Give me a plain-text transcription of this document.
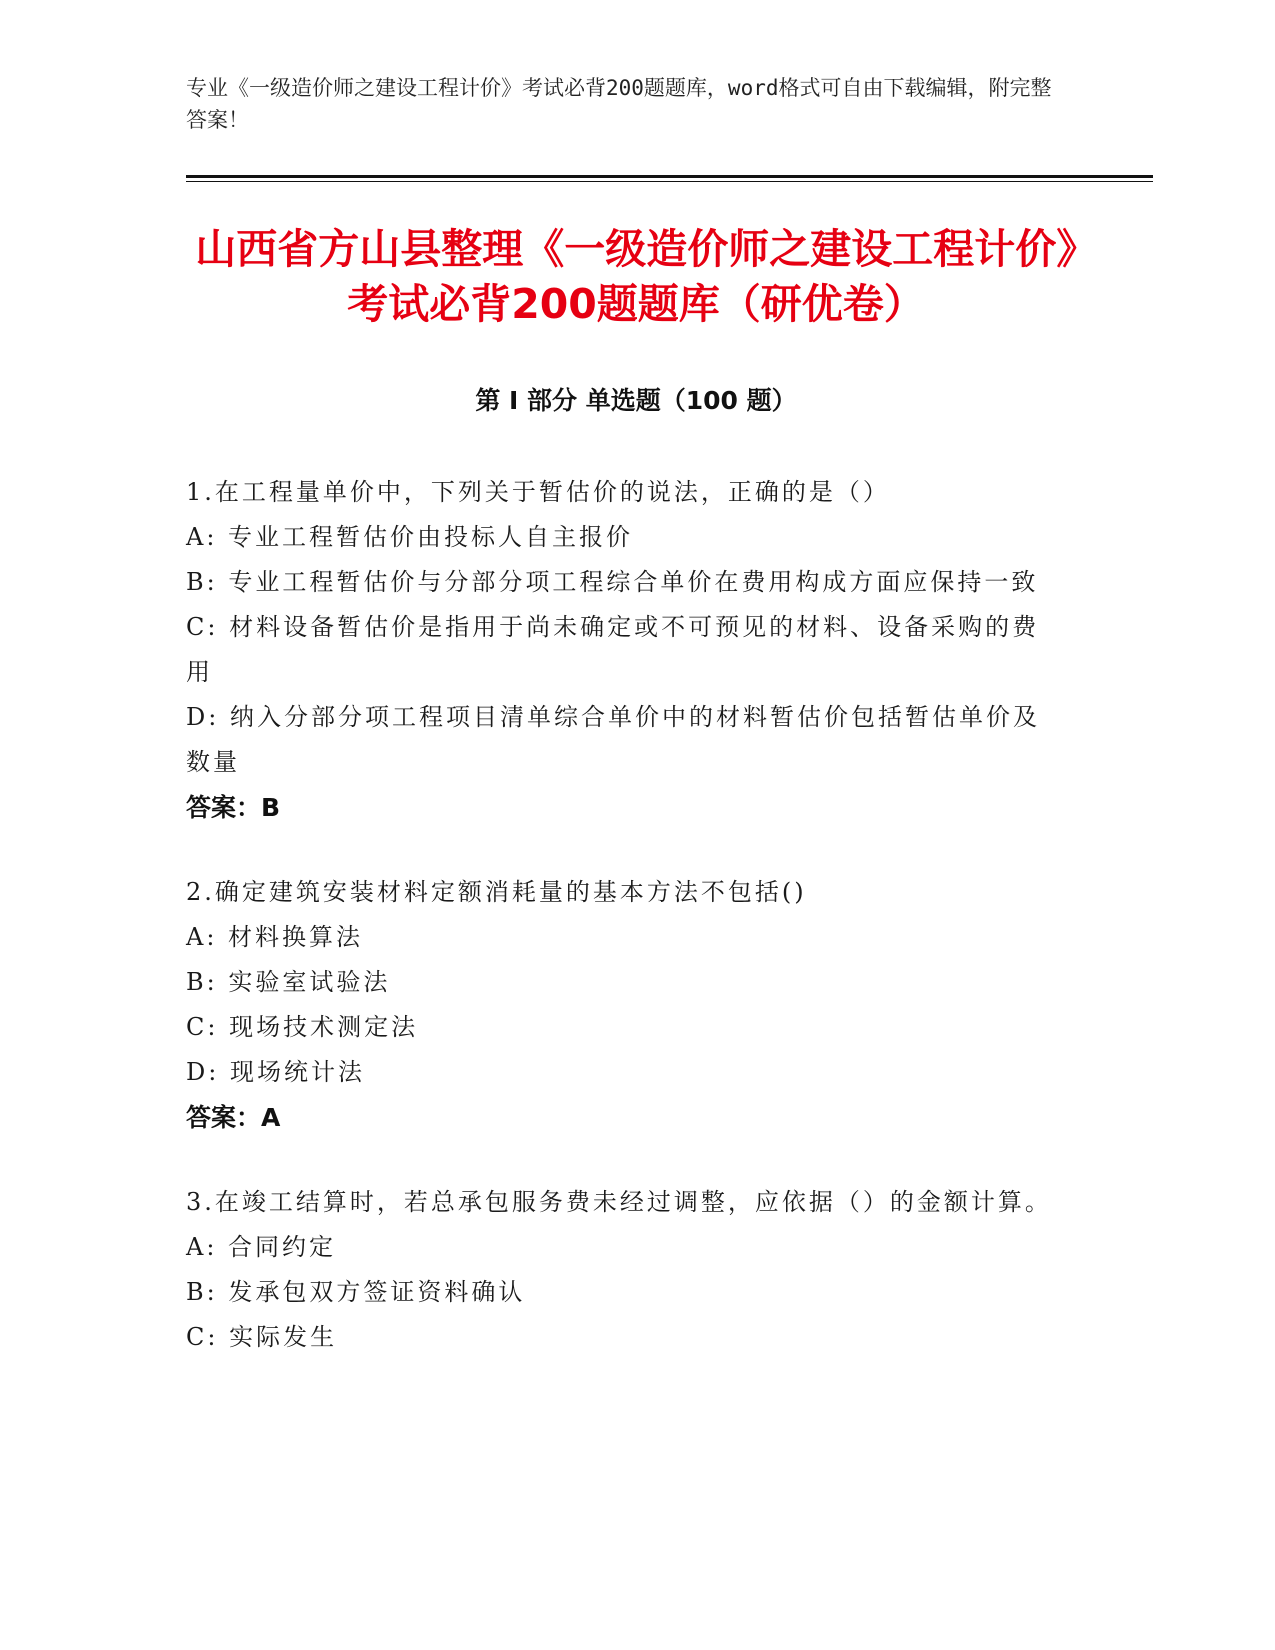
专业《一级造价师之建设工程计价》考试必背200题题库，word格式可自由下载编辑，附完整答案！
山西省方山县整理《一级造价师之建设工程计价》考试必背200题题库（研优卷）
第 I 部分 单选题（100 题）

1.在工程量单价中，下列关于暂估价的说法，正确的是（）

A: 专业工程暂估价由投标人自主报价

B: 专业工程暂估价与分部分项工程综合单价在费用构成方面应保持一致

C: 材料设备暂估价是指用于尚未确定或不可预见的材料、设备采购的费用

D: 纳入分部分项工程项目清单综合单价中的材料暂估价包括暂估单价及数量

答案：B

2.确定建筑安装材料定额消耗量的基本方法不包括()

A: 材料换算法

B: 实验室试验法

C: 现场技术测定法

D: 现场统计法

答案：A

3.在竣工结算时，若总承包服务费未经过调整，应依据（）的金额计算。

A: 合同约定

B: 发承包双方签证资料确认

C: 实际发生
